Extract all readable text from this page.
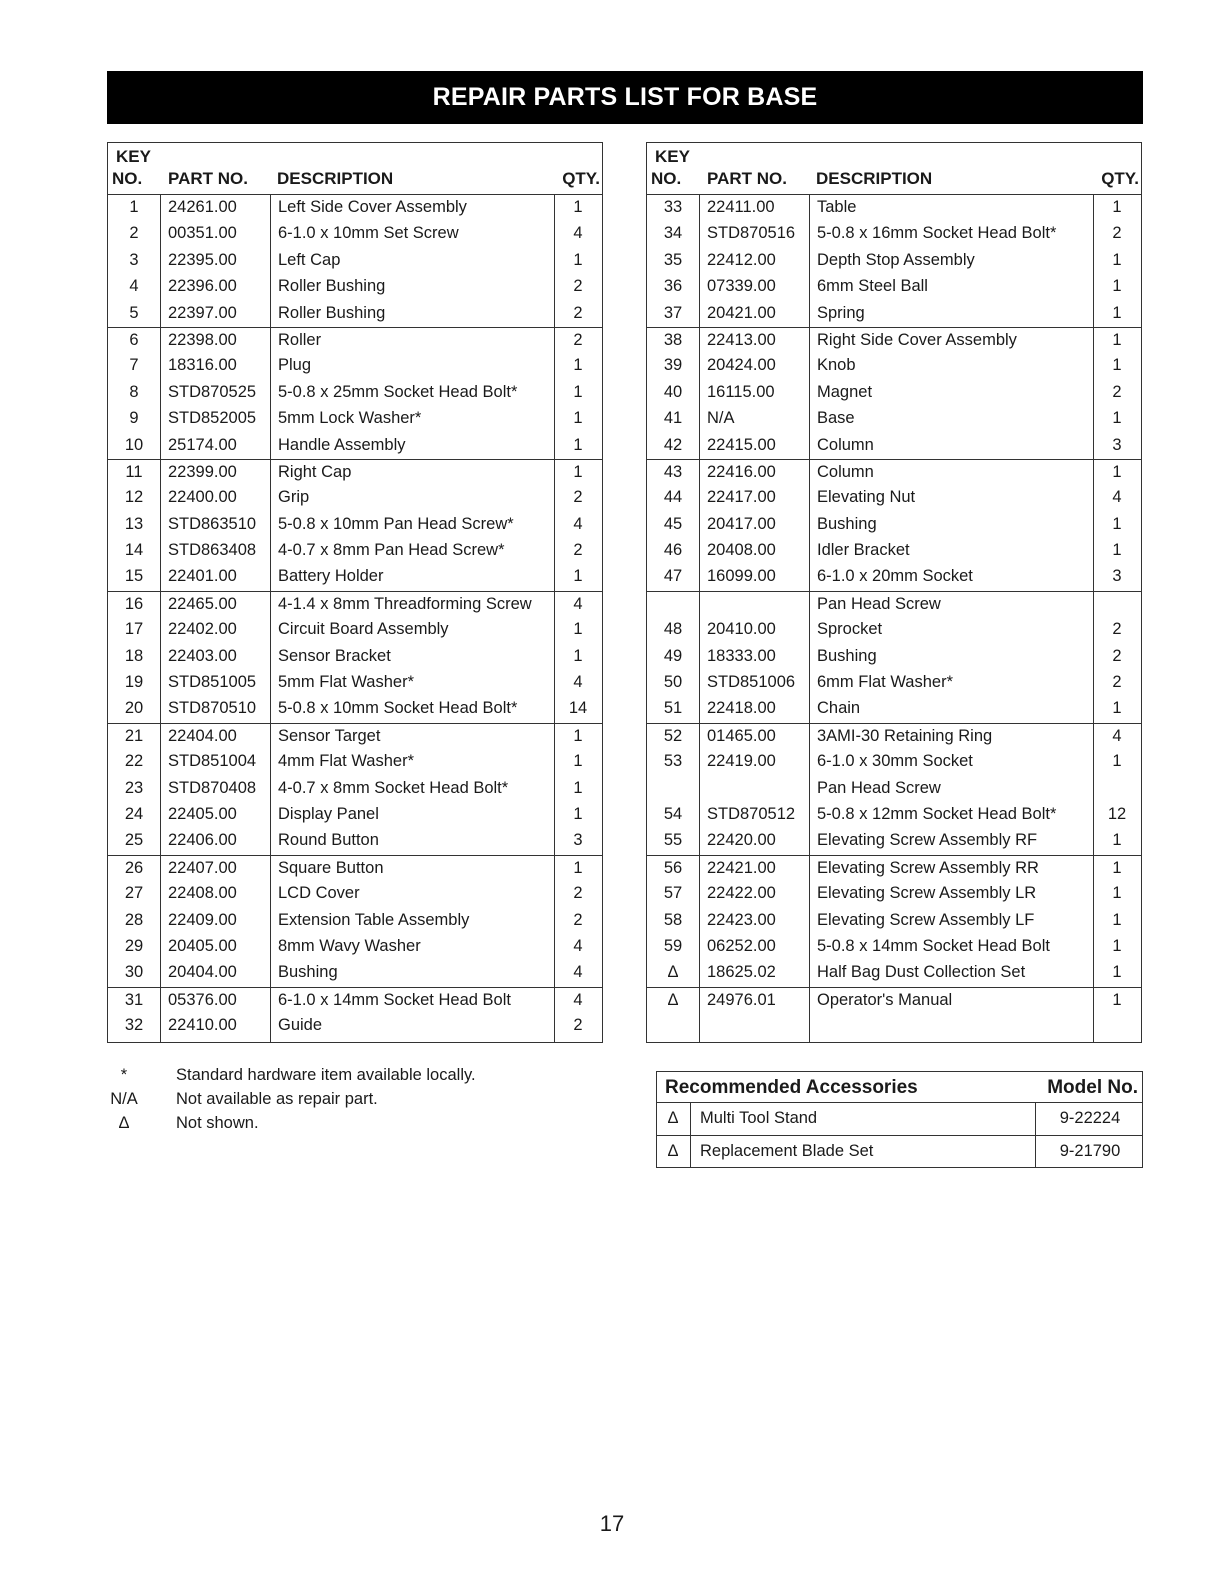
REPAIR PARTS LIST FOR BASE
KEY
NO. PART NO. DESCRIPTION	QTY.
1	24261.00 Left Side Cover Assembly	1
2	00351.00 6-1.0 x 10mm Set Screw	4
3	22395.00 Left Cap	1
4	22396.00 Roller Bushing	2
5	22397.00 Roller Bushing	2
6	22398.00 Roller	2
7	18316.00 Plug	1
8	STD870525 5-0.8 x 25mm Socket Head Bolt*	1
9	STD852005 5mm Lock Washer*	1
10	25174.00 Handle Assembly	1
11	22399.00 Right Cap	1
12	22400.00 Grip	2
13	STD863510 5-0.8 x 10mm Pan Head Screw*	4
14	STD863408 4-0.7 x 8mm Pan Head Screw*	2
15	22401.00 Battery Holder	1
16	22465.00 4-1.4 x 8mm Threadforming Screw	4
17	22402.00 Circuit Board Assembly	1
18	22403.00 Sensor Bracket	1
19	STD851005 5mm Flat Washer*	4
20	STD870510 5-0.8 x 10mm Socket Head Bolt*	14
21	22404.00 Sensor Target	1
22	STD851004 4mm Flat Washer*	1
23	STD870408 4-0.7 x 8mm Socket Head Bolt*	1
24	22405.00 Display Panel	1
25	22406.00 Round Button	3
26	22407.00 Square Button	1
27	22408.00 LCD Cover	2
28	22409.00 Extension Table Assembly	2
29	20405.00 8mm Wavy Washer	4
30	20404.00 Bushing	4
31	05376.00 6-1.0 x 14mm Socket Head Bolt	4
32	22410.00 Guide	2
KEY
NO. PART NO. DESCRIPTION	QTY.
33	22411.00	Table	1
34	STD870516 5-0.8 x 16mm Socket Head Bolt*	2
35	22412.00 Depth Stop Assembly	1
36	07339.00 6mm Steel Ball	1
37	20421.00 Spring	1
38	22413.00 Right Side Cover Assembly	1
39	20424.00 Knob	1
40	16115.00	Magnet	2
41	N/A	Base	1
42	22415.00 Column	3
43	22416.00 Column	1
44	22417.00 Elevating Nut	4
45	20417.00 Bushing	1
46	20408.00 Idler Bracket	1
47	16099.00 6-1.0 x 20mm Socket	3
Pan Head Screw
48	20410.00 Sprocket	2
49	18333.00 Bushing	2
50	STD851006 6mm Flat Washer*	2
51	22418.00 Chain	1
52	01465.00 3AMI-30 Retaining Ring	4
53	22419.00 6-1.0 x 30mm Socket	1
Pan Head Screw
54	STD870512 5-0.8 x 12mm Socket Head Bolt*	12
55	22420.00 Elevating Screw Assembly RF	1
56	22421.00 Elevating Screw Assembly RR	1
57	22422.00 Elevating Screw Assembly LR	1
58	22423.00 Elevating Screw Assembly LF	1
59	06252.00 5-0.8 x 14mm Socket Head Bolt	1
Δ	18625.02 Half Bag Dust Collection Set	1
Δ	24976.01 Operator's Manual	1
*	Standard hardware item available locally.
N/A Not available as repair part.
Δ	Not shown.
Recommended Accessories	Model No.
Δ	Multi Tool Stand	9-22224
Δ	Replacement Blade Set	9-21790
17
